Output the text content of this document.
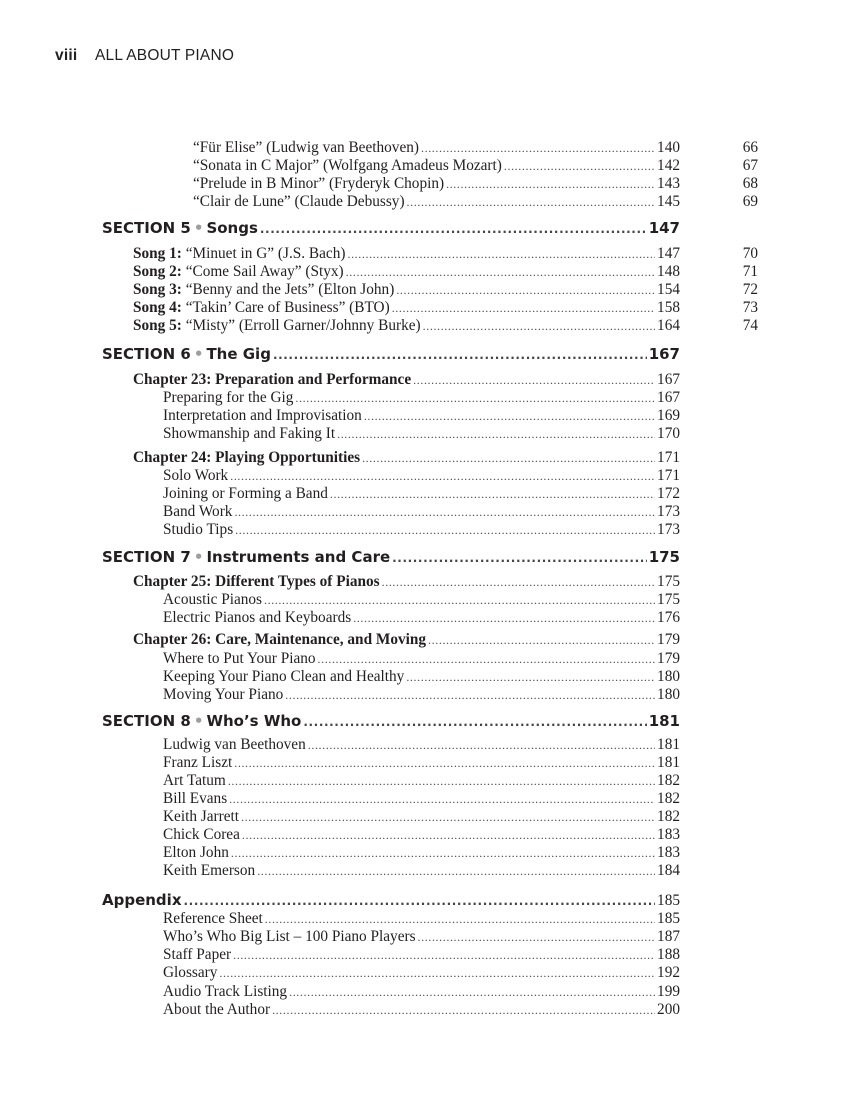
viii ALL ABOUT PIANO
“Für Elise” (Ludwig van Beethoven) .....	140	66
“Sonata in C Major” (Wolfgang Amadeus Mozart) .....	142	67
“Prelude in B Minor” (Fryderyk Chopin) .....	143	68
“Clair de Lune” (Claude Debussy) .....	145	69
SECTION 5 • Songs .....	147
Song 1: “Minuet in G” (J.S. Bach) .....	147	70
Song 2: “Come Sail Away” (Styx) .....	148	71
Song 3: “Benny and the Jets” (Elton John) .....	154	72
Song 4: “Takin’ Care of Business” (BTO) .....	158	73
Song 5: “Misty” (Erroll Garner/Johnny Burke) .....	164	74
SECTION 6 • The Gig .....	167
Chapter 23: Preparation and Performance .....	167
Preparing for the Gig .....	167
Interpretation and Improvisation .....	169
Showmanship and Faking It .....	170
Chapter 24: Playing Opportunities .....	171
Solo Work .....	171
Joining or Forming a Band .....	172
Band Work .....	173
Studio Tips .....	173
SECTION 7 • Instruments and Care .....	175
Chapter 25: Different Types of Pianos .....	175
Acoustic Pianos .....	175
Electric Pianos and Keyboards .....	176
Chapter 26: Care, Maintenance, and Moving .....	179
Where to Put Your Piano .....	179
Keeping Your Piano Clean and Healthy .....	180
Moving Your Piano .....	180
SECTION 8 • Who’s Who .....	181
Ludwig van Beethoven .....	181
Franz Liszt .....	181
Art Tatum .....	182
Bill Evans .....	182
Keith Jarrett .....	182
Chick Corea .....	183
Elton John .....	183
Keith Emerson .....	184
Appendix .....	185
Reference Sheet .....	185
Who’s Who Big List – 100 Piano Players .....	187
Staff Paper .....	188
Glossary .....	192
Audio Track Listing .....	199
About the Author .....	200
